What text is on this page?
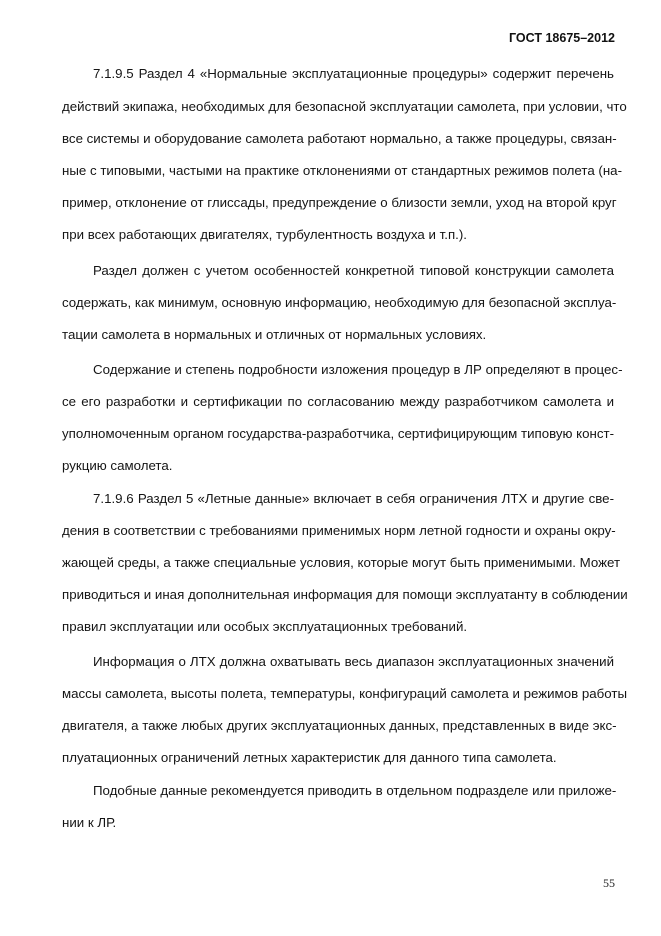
ГОСТ 18675–2012
7.1.9.5 Раздел 4 «Нормальные эксплуатационные процедуры» содержит перечень
действий экипажа, необходимых для безопасной эксплуатации самолета, при условии, что
все системы и оборудование самолета работают нормально, а также процедуры, связан-
ные с типовыми, частыми на практике отклонениями от стандартных режимов полета (на-
пример, отклонение от глиссады, предупреждение о близости земли, уход на второй круг
при всех работающих двигателях, турбулентность воздуха и т.п.).
Раздел должен с учетом особенностей конкретной типовой конструкции самолета
содержать, как минимум, основную информацию, необходимую для безопасной эксплуа-
тации самолета в нормальных и отличных от нормальных условиях.
Содержание и степень подробности изложения процедур в ЛР определяют в процес-
се его разработки и сертификации по согласованию между разработчиком самолета и
уполномоченным органом государства-разработчика, сертифицирующим типовую конст-
рукцию самолета.
7.1.9.6 Раздел 5 «Летные данные» включает в себя ограничения ЛТХ и другие све-
дения в соответствии с требованиями применимых норм летной годности и охраны окру-
жающей среды, а также специальные условия, которые могут быть применимыми. Может
приводиться и иная дополнительная информация для помощи эксплуатанту в соблюдении
правил эксплуатации или особых эксплуатационных требований.
Информация о ЛТХ должна охватывать весь диапазон эксплуатационных значений
массы самолета, высоты полета, температуры, конфигураций самолета и режимов работы
двигателя, а также любых других эксплуатационных данных, представленных в виде экс-
плуатационных ограничений летных характеристик для данного типа самолета.
Подобные данные рекомендуется приводить в отдельном подразделе или приложе-
нии к ЛР.
55
